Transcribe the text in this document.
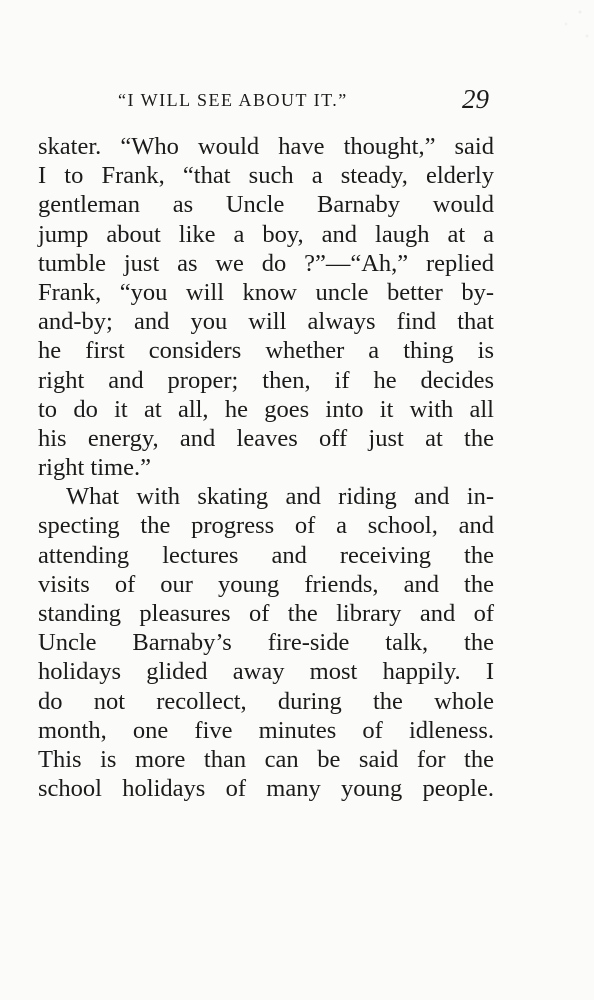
“I WILL SEE ABOUT IT.”	29
skater. “Who would have thought,” said
I to Frank, “that such a steady, elderly
gentleman as Uncle Barnaby would
jump about like a boy, and laugh at a
tumble just as we do ?”—“Ah,” replied
Frank, “you will know uncle better by-
and-by; and you will always find that
he first considers whether a thing is
right and proper; then, if he decides
to do it at all, he goes into it with all
his energy, and leaves off just at the
right time.”
What with skating and riding and in-
specting the progress of a school, and
attending lectures and receiving the
visits of our young friends, and the
standing pleasures of the library and of
Uncle Barnaby’s fire-side talk, the
holidays glided away most happily. I
do not recollect, during the whole
month, one five minutes of idleness.
This is more than can be said for the
school holidays of many young people.
